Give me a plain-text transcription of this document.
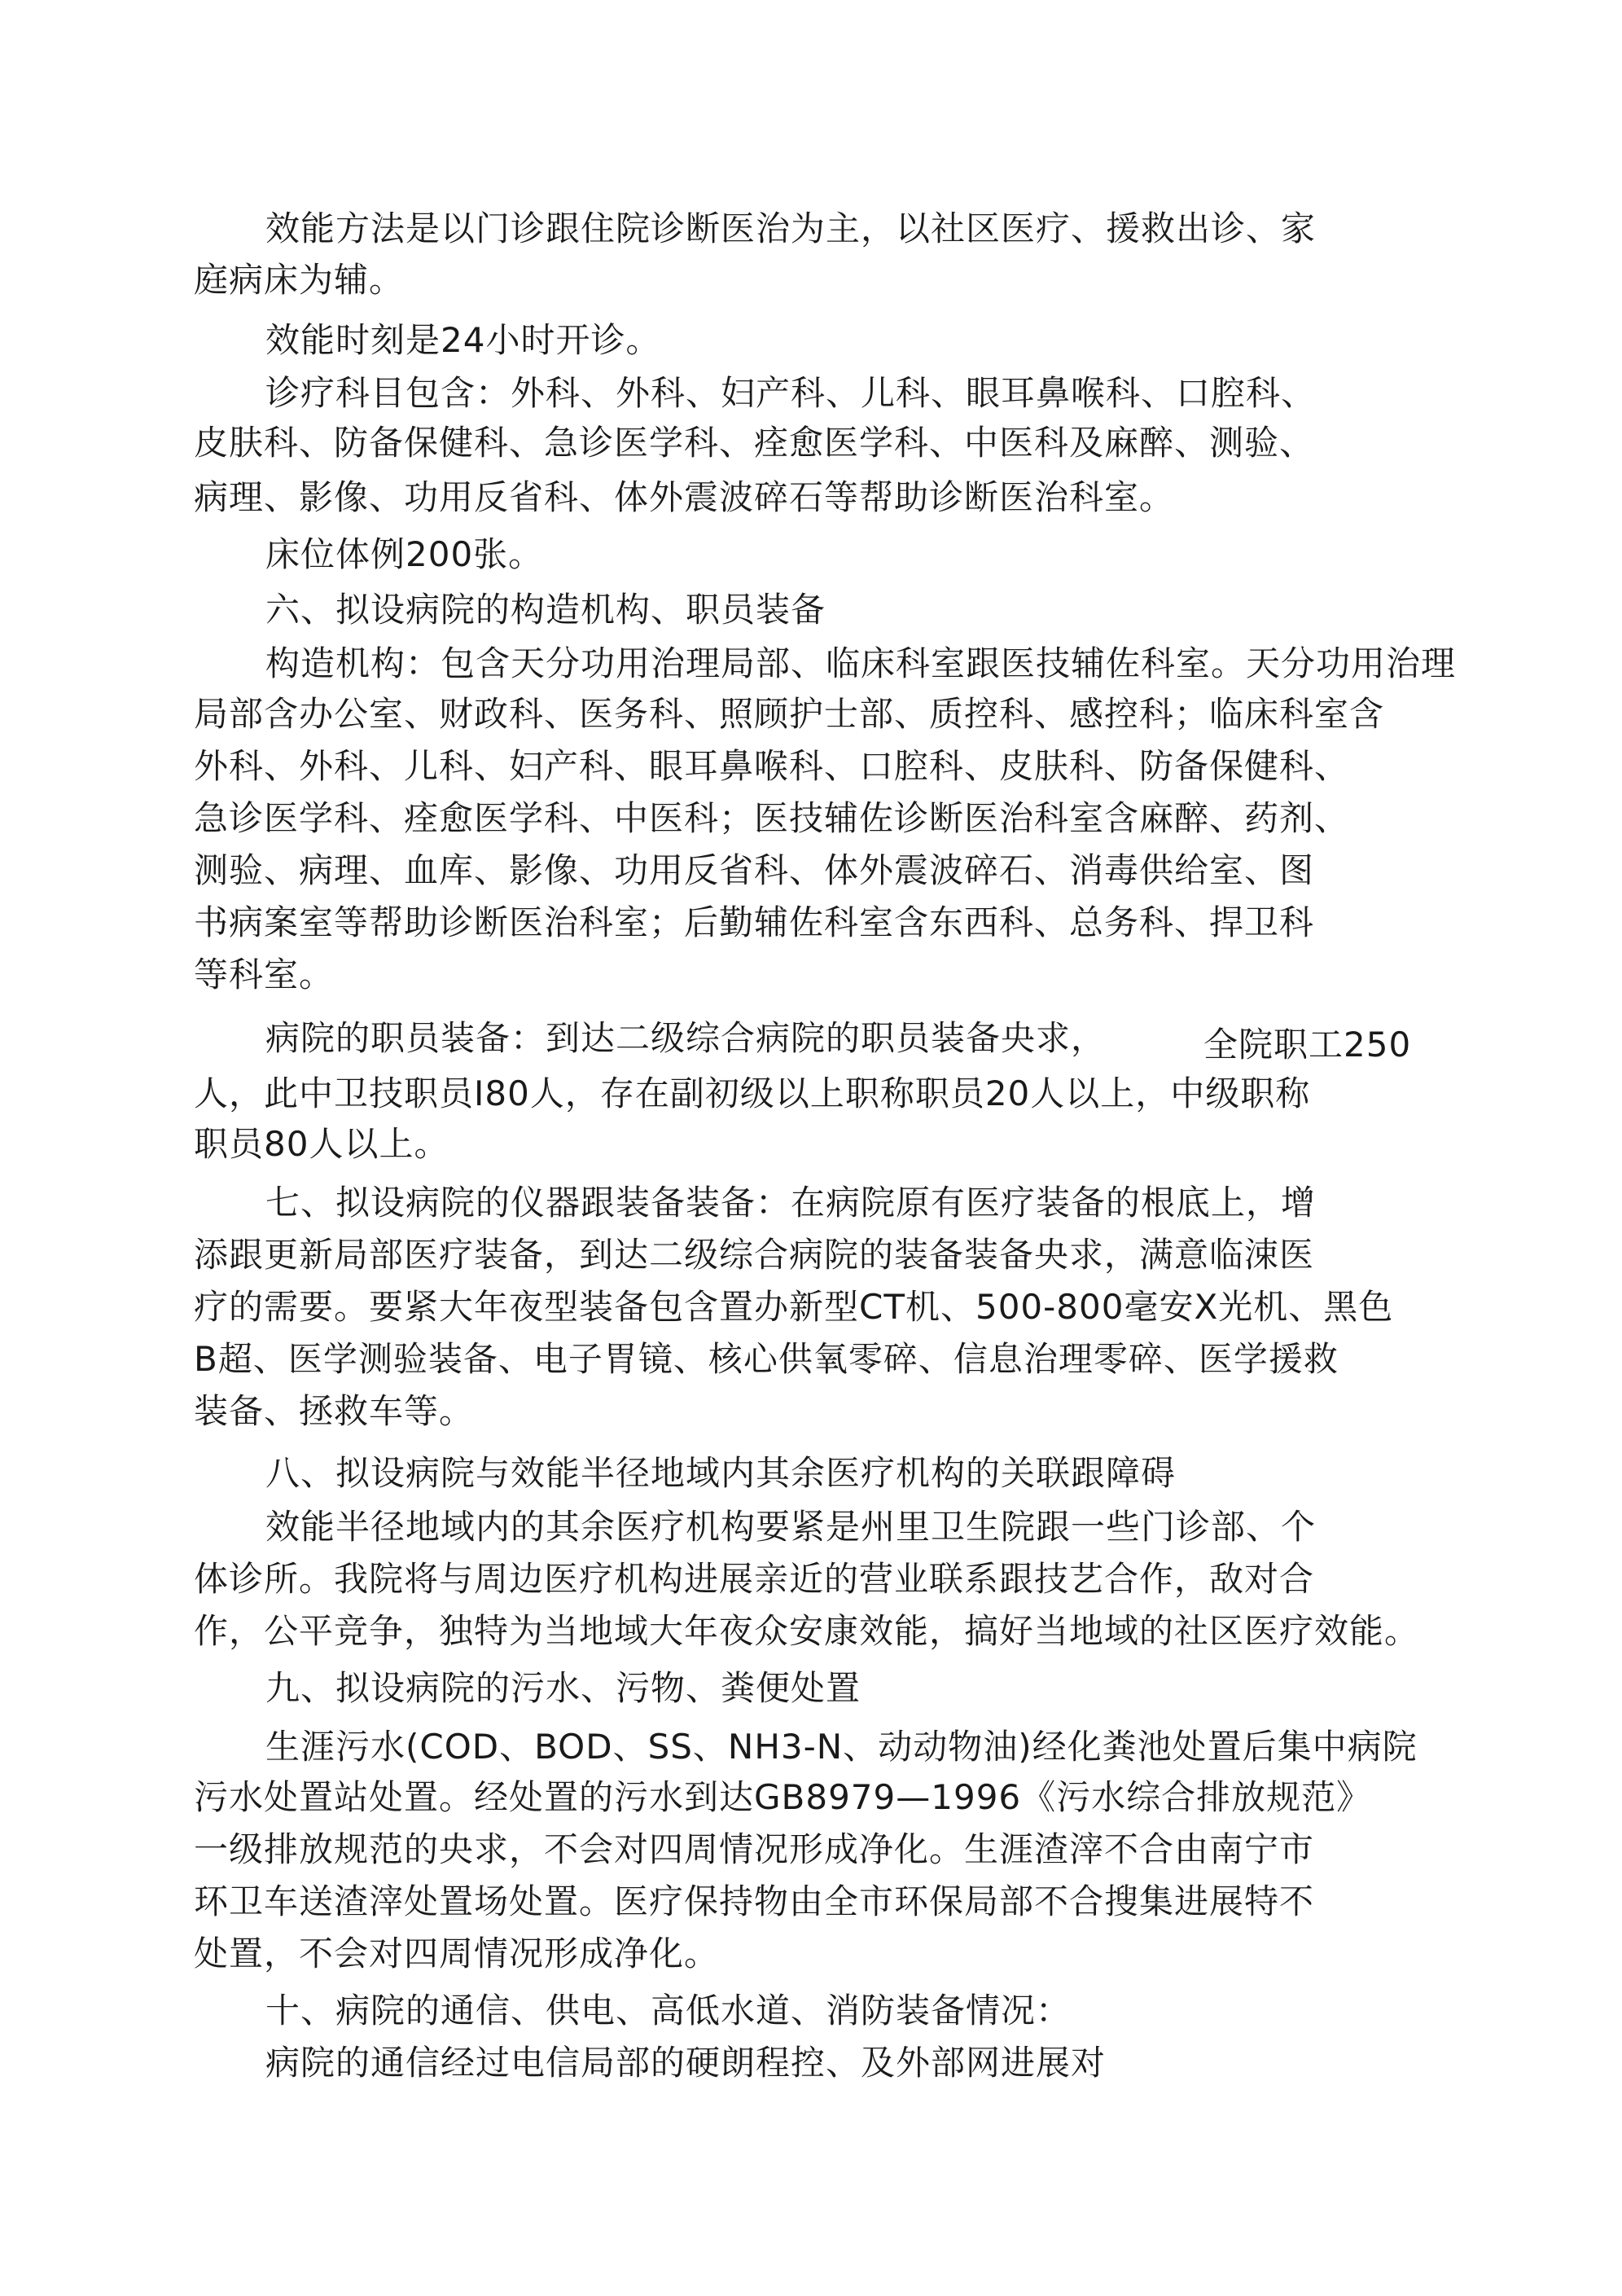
效能方法是以门诊跟住院诊断医治为主，以社区医疗、援救出诊、家
庭病床为辅。
效能时刻是24小时开诊。
诊疗科目包含：外科、外科、妇产科、儿科、眼耳鼻喉科、口腔科、
皮肤科、防备保健科、急诊医学科、痊愈医学科、中医科及麻醉、测验、
病理、影像、功用反省科、体外震波碎石等帮助诊断医治科室。
床位体例200张。
六、拟设病院的构造机构、职员装备
构造机构：包含天分功用治理局部、临床科室跟医技辅佐科室。天分功用治理
局部含办公室、财政科、医务科、照顾护士部、质控科、感控科；临床科室含
外科、外科、儿科、妇产科、眼耳鼻喉科、口腔科、皮肤科、防备保健科、
急诊医学科、痊愈医学科、中医科；医技辅佐诊断医治科室含麻醉、药剂、
测验、病理、血库、影像、功用反省科、体外震波碎石、消毒供给室、图
书病案室等帮助诊断医治科室；后勤辅佐科室含东西科、总务科、捍卫科
等科室。
病院的职员装备：到达二级综合病院的职员装备央求，	全院职工250
人，此中卫技职员I80人，存在副初级以上职称职员20人以上，中级职称
职员80人以上。
七、拟设病院的仪器跟装备装备：在病院原有医疗装备的根底上，增
添跟更新局部医疗装备，到达二级综合病院的装备装备央求，满意临涑医
疗的需要。要紧大年夜型装备包含置办新型CT机、500-800毫安X光机、黑色
B超、医学测验装备、电子胃镜、核心供氧零碎、信息治理零碎、医学援救
装备、拯救车等。
八、拟设病院与效能半径地域内其余医疗机构的关联跟障碍
效能半径地域内的其余医疗机构要紧是州里卫生院跟一些门诊部、个
体诊所。我院将与周边医疗机构进展亲近的营业联系跟技艺合作，敌对合
作，公平竞争，独特为当地域大年夜众安康效能，搞好当地域的社区医疗效能。
九、拟设病院的污水、污物、粪便处置
生涯污水(COD、BOD、SS、NH3-N、动动物油)经化粪池处置后集中病院
污水处置站处置。经处置的污水到达GB8979—1996《污水综合排放规范》
一级排放规范的央求，不会对四周情况形成净化。生涯渣滓不合由南宁市
环卫车送渣滓处置场处置。医疗保持物由全市环保局部不合搜集进展特不
处置，不会对四周情况形成净化。
十、病院的通信、供电、高低水道、消防装备情况：
病院的通信经过电信局部的硬朗程控、及外部网进展对
